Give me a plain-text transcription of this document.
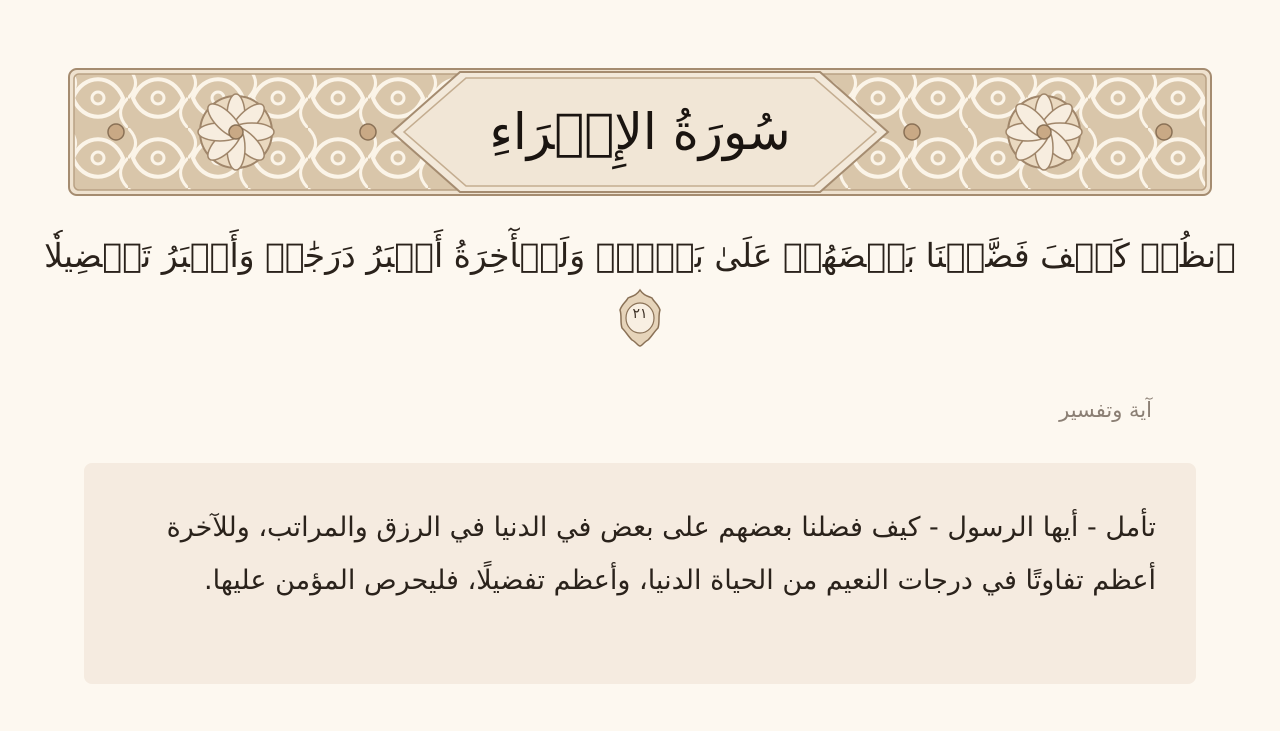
سُورَةُ الإِسۡرَاءِ
ٱنظُرۡ كَيۡفَ فَضَّلۡنَا بَعۡضَهُمۡ عَلَىٰ بَعۡضٖۚ وَلَلۡأٓخِرَةُ أَكۡبَرُ دَرَجَٰتٖ وَأَكۡبَرُ تَفۡضِيلٗا
٢١
آية وتفسير
تأمل - أيها الرسول - كيف فضلنا بعضهم على بعض في الدنيا في الرزق والمراتب، وللآخرة أعظم تفاوتًا في درجات النعيم من الحياة الدنيا، وأعظم تفضيلًا، فليحرص المؤمن عليها.
